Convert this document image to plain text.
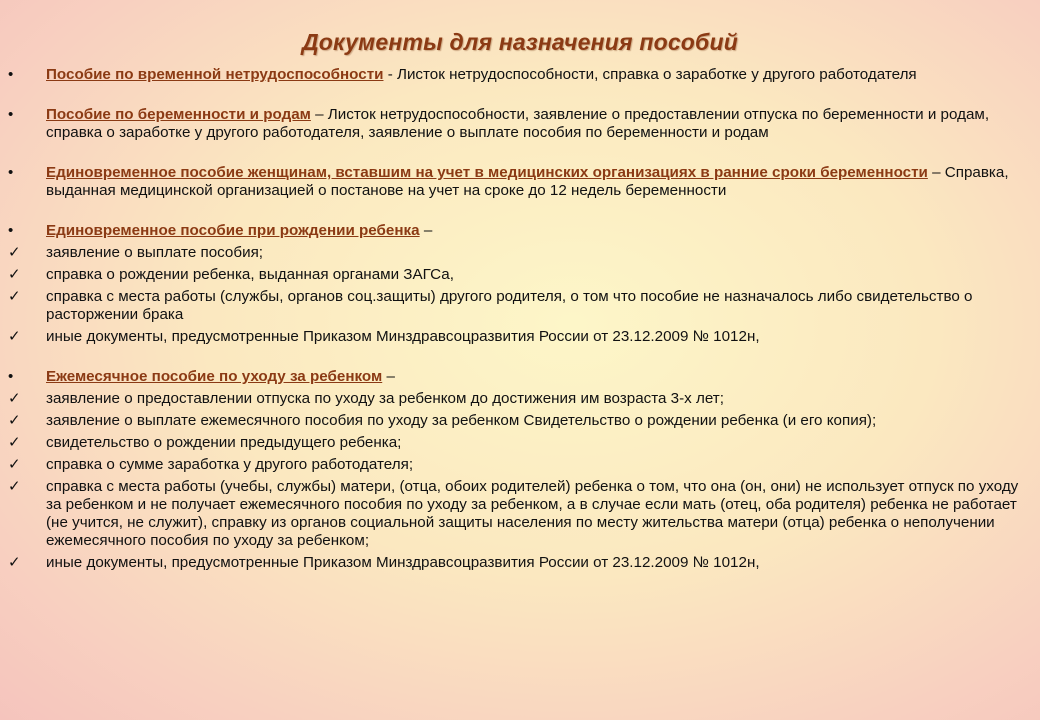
Документы для назначения пособий
•	Пособие по временной нетрудоспособности - Листок нетрудоспособности, справка о заработке у другого работодателя
•	Пособие по беременности и родам – Листок нетрудоспособности, заявление о предоставлении отпуска по беременности и родам, справка о заработке у другого работодателя, заявление о выплате пособия по беременности и родам
•	Единовременное пособие женщинам, вставшим на учет в медицинских организациях в ранние сроки беременности – Справка, выданная медицинской организацией о постанове на учет на сроке до 12 недель беременности
•	Единовременное пособие при рождении ребенка –
✓	заявление о выплате пособия;
✓	справка о рождении ребенка, выданная органами ЗАГСа,
✓	справка с места работы (службы, органов соц.защиты) другого родителя, о том что пособие не назначалось либо свидетельство о расторжении брака
✓	иные документы, предусмотренные Приказом Минздравсоцразвития России от 23.12.2009 № 1012н,
•	Ежемесячное пособие по уходу за ребенком –
✓	заявление о предоставлении отпуска по уходу за ребенком до достижения им возраста 3-х лет;
✓	заявление о выплате ежемесячного пособия по уходу за ребенком Свидетельство о рождении ребенка (и его копия);
✓	свидетельство о рождении предыдущего ребенка;
✓	справка о сумме заработка у другого работодателя;
✓	справка с места работы (учебы, службы) матери, (отца, обоих родителей) ребенка о том, что она (он, они) не использует отпуск по уходу за ребенком и не получает ежемесячного пособия по уходу за ребенком, а в случае если мать (отец, оба родителя) ребенка не работает (не учится, не служит), справку из органов социальной защиты населения по месту жительства матери (отца) ребенка о неполучении ежемесячного пособия по уходу за ребенком;
✓	иные документы, предусмотренные Приказом Минздравсоцразвития России от 23.12.2009 № 1012н,
